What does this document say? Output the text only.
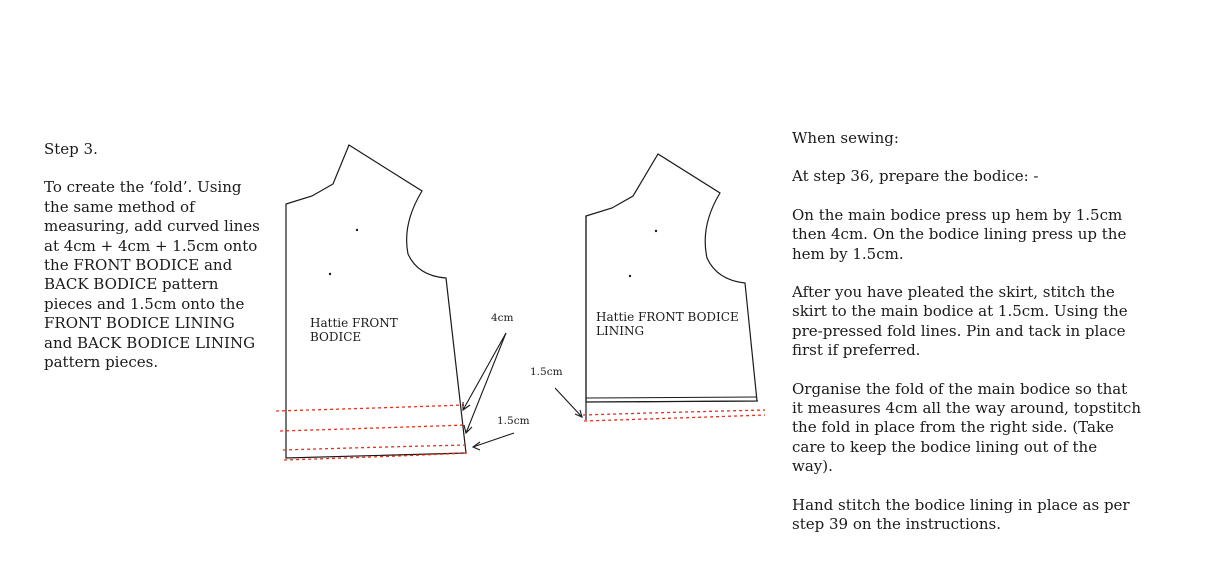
Step 3.

To create the ‘fold’. Using the same method of measuring, add curved lines at 4cm + 4cm + 1.5cm onto the FRONT BODICE and BACK BODICE pattern pieces and 1.5cm onto the FRONT BODICE LINING and BACK BODICE LINING pattern pieces.

Hattie FRONT
BODICE
4cm
1.5cm
Hattie FRONT BODICE
LINING
1.5cm

When sewing:

At step 36, prepare the bodice: -

On the main bodice press up hem by 1.5cm then 4cm. On the bodice lining press up the hem by 1.5cm.

After you have pleated the skirt, stitch the skirt to the main bodice at 1.5cm. Using the pre-pressed fold lines. Pin and tack in place first if preferred.

Organise the fold of the main bodice so that it measures 4cm all the way around, topstitch the fold in place from the right side. (Take care to keep the bodice lining out of the way).

Hand stitch the bodice lining in place as per step 39 on the instructions.
